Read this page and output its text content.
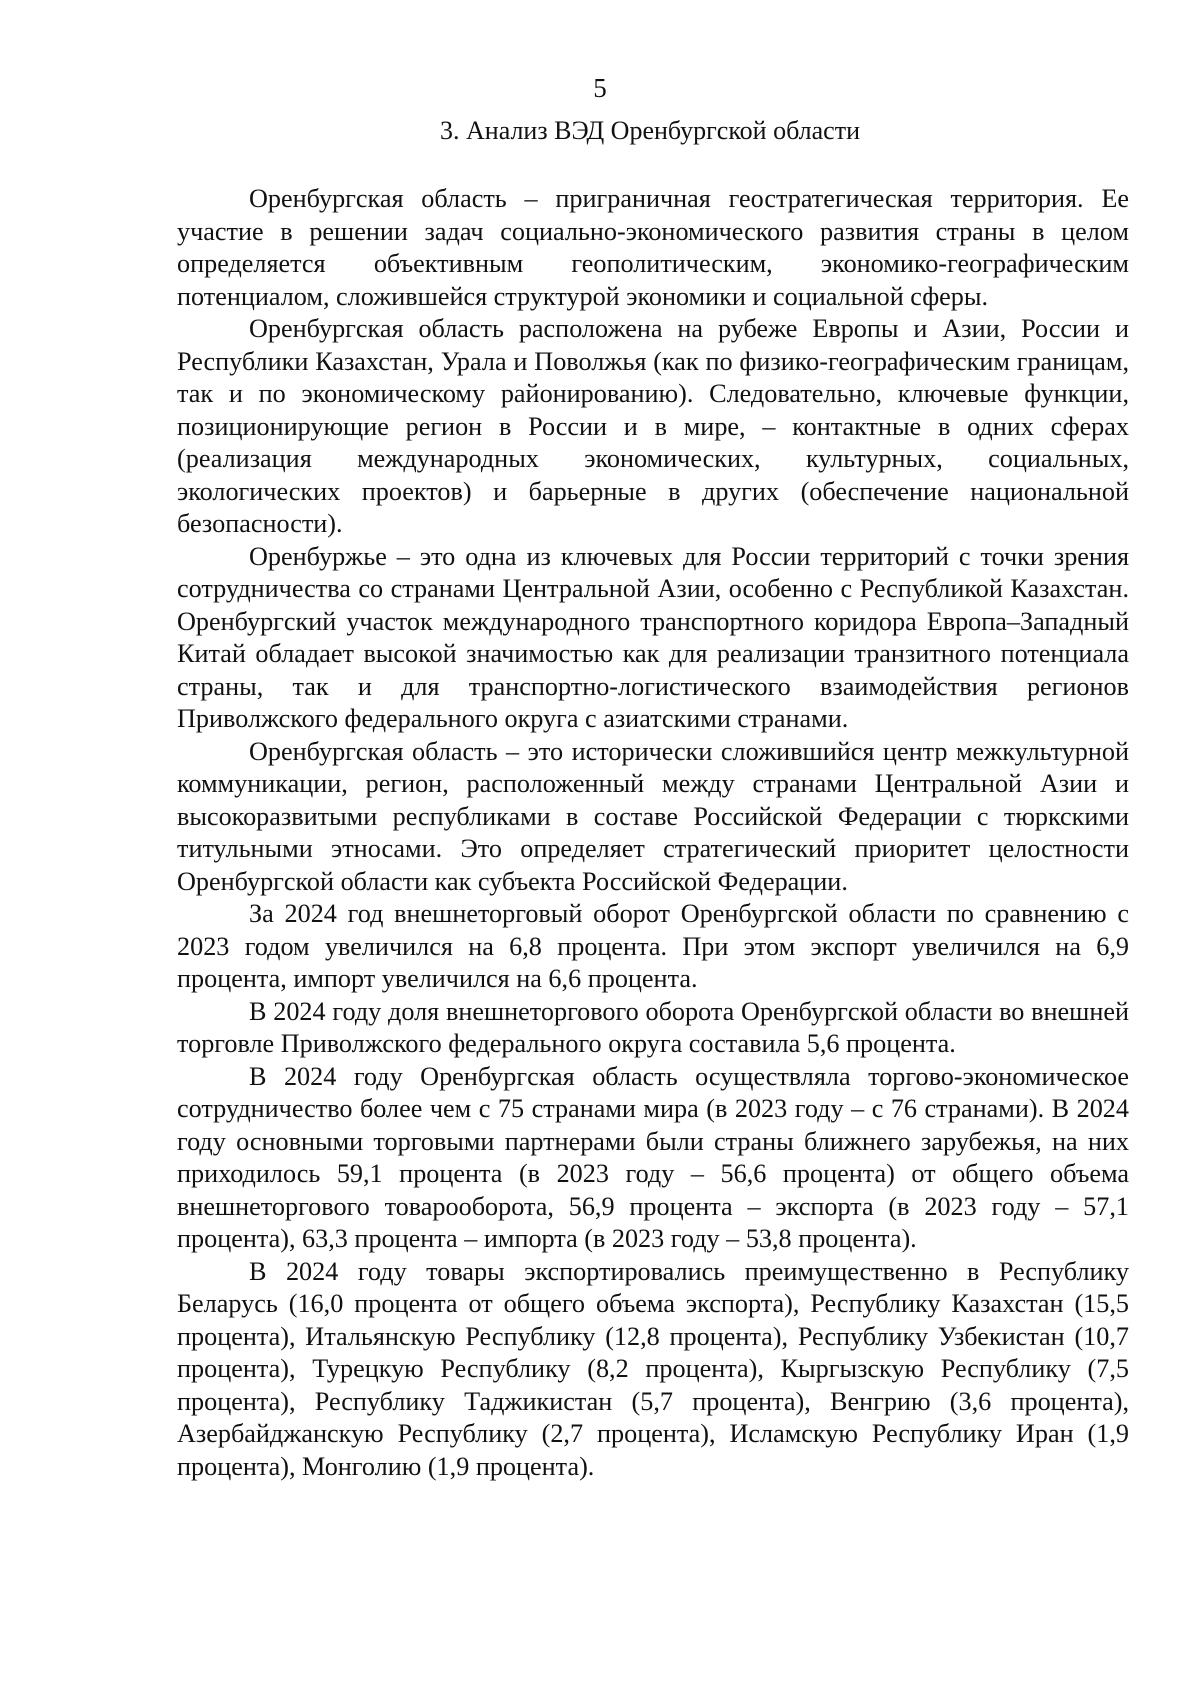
5
3. Анализ ВЭД Оренбургской области

Оренбургская область – приграничная геостратегическая территория. Ее участие в решении задач социально-экономического развития страны в целом определяется объективным геополитическим, экономико-географическим потенциалом, сложившейся структурой экономики и социальной сферы.

Оренбургская область расположена на рубеже Европы и Азии, России и Республики Казахстан, Урала и Поволжья (как по физико-географическим границам, так и по экономическому районированию). Следовательно, ключевые функции, позиционирующие регион в России и в мире, – контактные в одних сферах (реализация международных экономических, культурных, социальных, экологических проектов) и барьерные в других (обеспечение национальной безопасности).

Оренбуржье – это одна из ключевых для России территорий с точки зрения сотрудничества со странами Центральной Азии, особенно с Республикой Казахстан. Оренбургский участок международного транспортного коридора Европа–Западный Китай обладает высокой значимостью как для реализации транзитного потенциала страны, так и для транспортно-логистического взаимодействия регионов Приволжского федерального округа с азиатскими странами.

Оренбургская область – это исторически сложившийся центр межкультурной коммуникации, регион, расположенный между странами Центральной Азии и высокоразвитыми республиками в составе Российской Федерации с тюркскими титульными этносами. Это определяет стратегический приоритет целостности Оренбургской области как субъекта Российской Федерации.

За 2024 год внешнеторговый оборот Оренбургской области по сравнению с 2023 годом увеличился на 6,8 процента. При этом экспорт увеличился на 6,9 процента, импорт увеличился на 6,6 процента.

В 2024 году доля внешнеторгового оборота Оренбургской области во внешней торговле Приволжского федерального округа составила 5,6 процента.

В 2024 году Оренбургская область осуществляла торгово-экономическое сотрудничество более чем с 75 странами мира (в 2023 году – с 76 странами). В 2024 году основными торговыми партнерами были страны ближнего зарубежья, на них приходилось 59,1 процента (в 2023 году – 56,6 процента) от общего объема внешнеторгового товарооборота, 56,9 процента – экспорта (в 2023 году – 57,1 процента), 63,3 процента – импорта (в 2023 году – 53,8 процента).

В 2024 году товары экспортировались преимущественно в Республику Беларусь (16,0 процента от общего объема экспорта), Республику Казахстан (15,5 процента), Итальянскую Республику (12,8 процента), Республику Узбекистан (10,7 процента), Турецкую Республику (8,2 процента), Кыргызскую Республику (7,5 процента), Республику Таджикистан (5,7 процента), Венгрию (3,6 процента), Азербайджанскую Республику (2,7 процента), Исламскую Республику Иран (1,9 процента), Монголию (1,9 процента).
